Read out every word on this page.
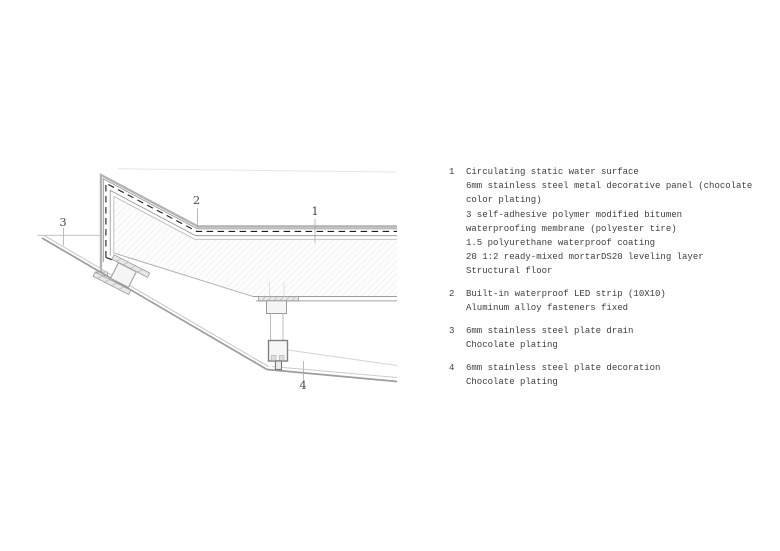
1
2
3
4
1	Circulating static water surface
6mm stainless steel metal decorative panel (chocolate
color plating)
3 self-adhesive polymer modified bitumen
waterproofing membrane (polyester tire)
1.5 polyurethane waterproof coating
20 1:2 ready-mixed mortarDS20 leveling layer
Structural floor
2	Built-in waterproof LED strip (10X10)
Aluminum alloy fasteners fixed
3	6mm stainless steel plate drain
Chocolate plating
4	6mm stainless steel plate decoration
Chocolate plating
